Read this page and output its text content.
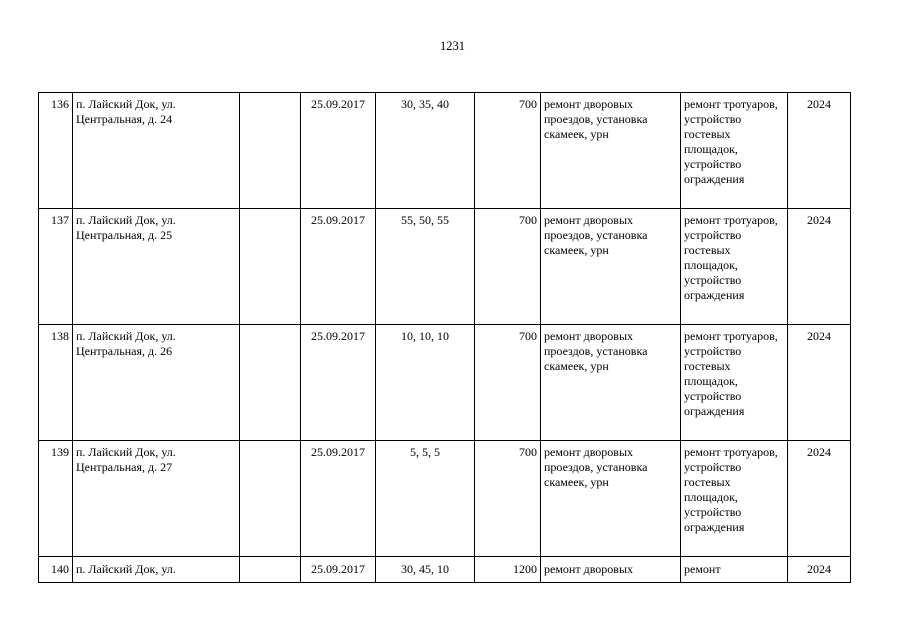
1231
136	п. Лайский Док, ул. Центральная, д. 24		25.09.2017	30, 35, 40	700	ремонт дворовых проездов, установка скамеек, урн	ремонт тротуаров, устройство гостевых площадок, устройство ограждения	2024
137	п. Лайский Док, ул. Центральная, д. 25		25.09.2017	55, 50, 55	700	ремонт дворовых проездов, установка скамеек, урн	ремонт тротуаров, устройство гостевых площадок, устройство ограждения	2024
138	п. Лайский Док, ул. Центральная, д. 26		25.09.2017	10, 10, 10	700	ремонт дворовых проездов, установка скамеек, урн	ремонт тротуаров, устройство гостевых площадок, устройство ограждения	2024
139	п. Лайский Док, ул. Центральная, д. 27		25.09.2017	5, 5, 5	700	ремонт дворовых проездов, установка скамеек, урн	ремонт тротуаров, устройство гостевых площадок, устройство ограждения	2024
140	п. Лайский Док, ул.		25.09.2017	30, 45, 10	1200	ремонт дворовых	ремонт	2024
